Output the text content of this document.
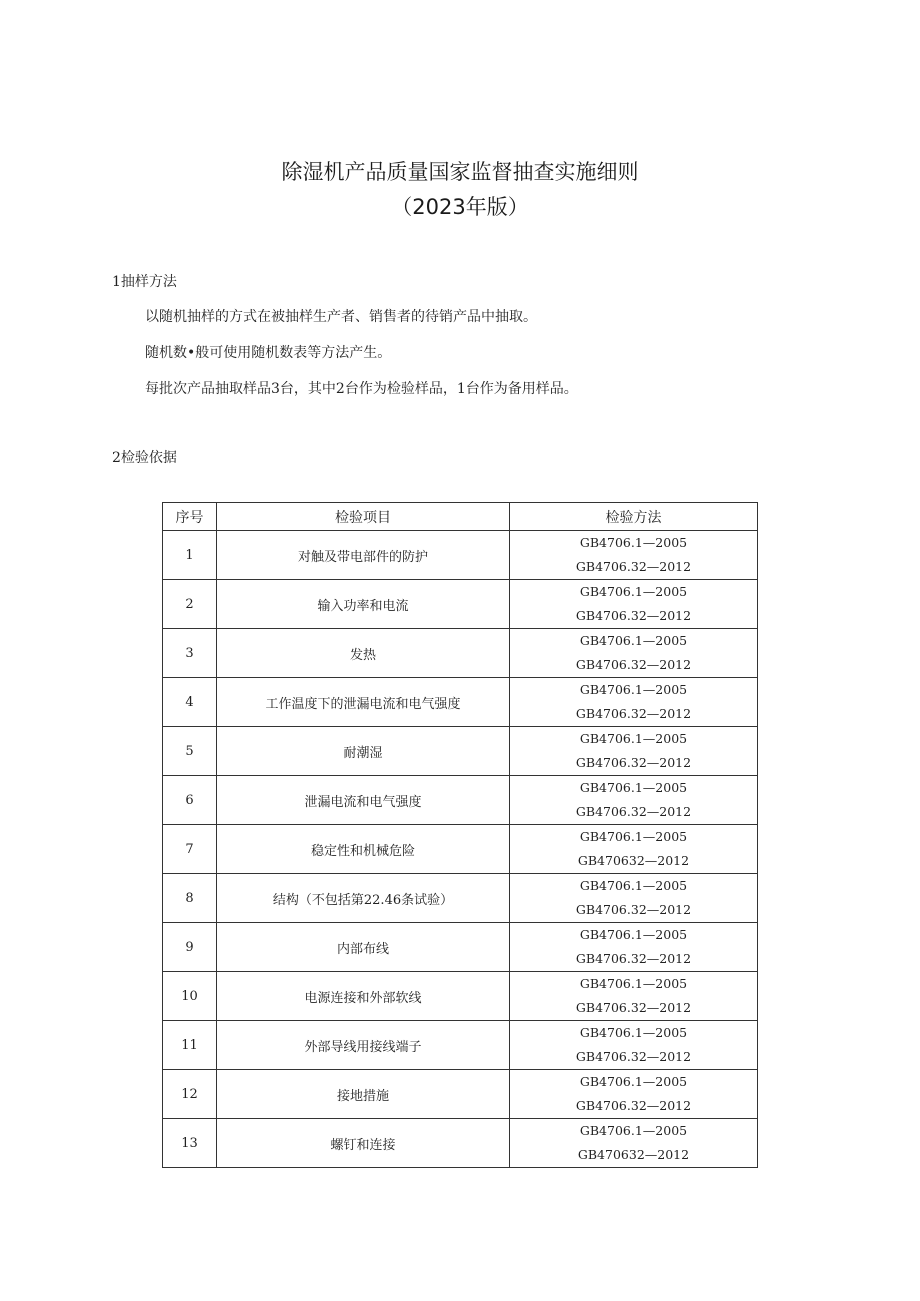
除湿机产品质量国家监督抽查实施细则
（2023年版）
1抽样方法
以随机抽样的方式在被抽样生产者、销售者的待销产品中抽取。
随机数•般可使用随机数表等方法产生。
每批次产品抽取样品3台，其中2台作为检验样品，1台作为备用样品。
2检验依据
序号	检验项目	检验方法
1	对触及带电部件的防护	GB4706.1—2005
GB4706.32—2012

2	输入功率和电流	GB4706.1—2005
GB4706.32—2012

3	发热	GB4706.1—2005
GB4706.32—2012

4	工作温度下的泄漏电流和电气强度	GB4706.1—2005
GB4706.32—2012

5	耐潮湿	GB4706.1—2005
GB4706.32—2012

6	泄漏电流和电气强度	GB4706.1—2005
GB4706.32—2012

7	稳定性和机械危险	GB4706.1—2005
GB470632—2012

8	结构（不包括第22.46条试验）	GB4706.1—2005
GB4706.32—2012

9	内部布线	GB4706.1—2005
GB4706.32—2012

10	电源连接和外部软线	GB4706.1—2005
GB4706.32—2012

11	外部导线用接线端子	GB4706.1—2005
GB4706.32—2012

12	接地措施	GB4706.1—2005
GB4706.32—2012

13	螺钉和连接	GB4706.1—2005
GB470632—2012
